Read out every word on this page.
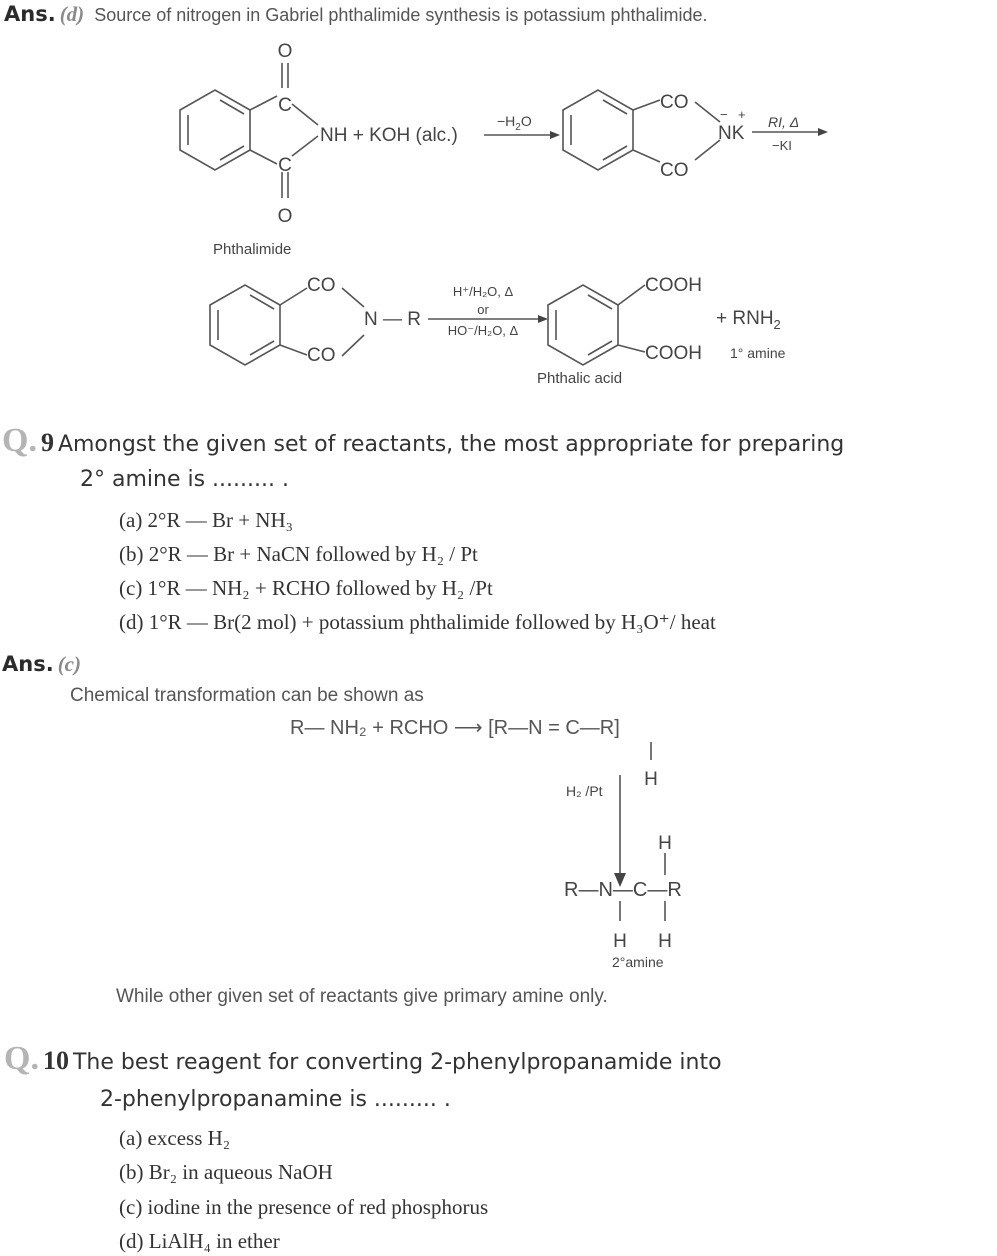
Ans. (d) Source of nitrogen in Gabriel phthalimide synthesis is potassium phthalimide.
O
C
C
O
NH + KOH (alc.)
$-H_2O$
CO
CO
NK
− + RI, Δ
−KI
Phthalimide
CO
CO
N — R
H⁺/H₂O, Δ
or
HO⁻/H₂O, Δ
COOH
COOH
+ $RNH_2$
1° amine
Phthalic acid
Q. 9 Amongst the given set of reactants, the most appropriate for preparing
2° amine is ......... .
(a) 2°R — Br + NH₃
(b) 2°R — Br + NaCN followed by H₂ / Pt
(c) 1°R — NH₂ + RCHO followed by H₂ /Pt
(d) 1°R — Br(2 mol) + potassium phthalimide followed by H₃O⁺/ heat
Ans. (c)
Chemical transformation can be shown as
R— NH₂ + RCHO ⟶ [R—N = C—R]
H
H₂ /Pt
H
R—N—C—R
H H
2°amine
While other given set of reactants give primary amine only.
Q. 10 The best reagent for converting 2-phenylpropanamide into
2-phenylpropanamine is ......... .
(a) excess H₂
(b) Br₂ in aqueous NaOH
(c) iodine in the presence of red phosphorus
(d) LiAlH₄ in ether
